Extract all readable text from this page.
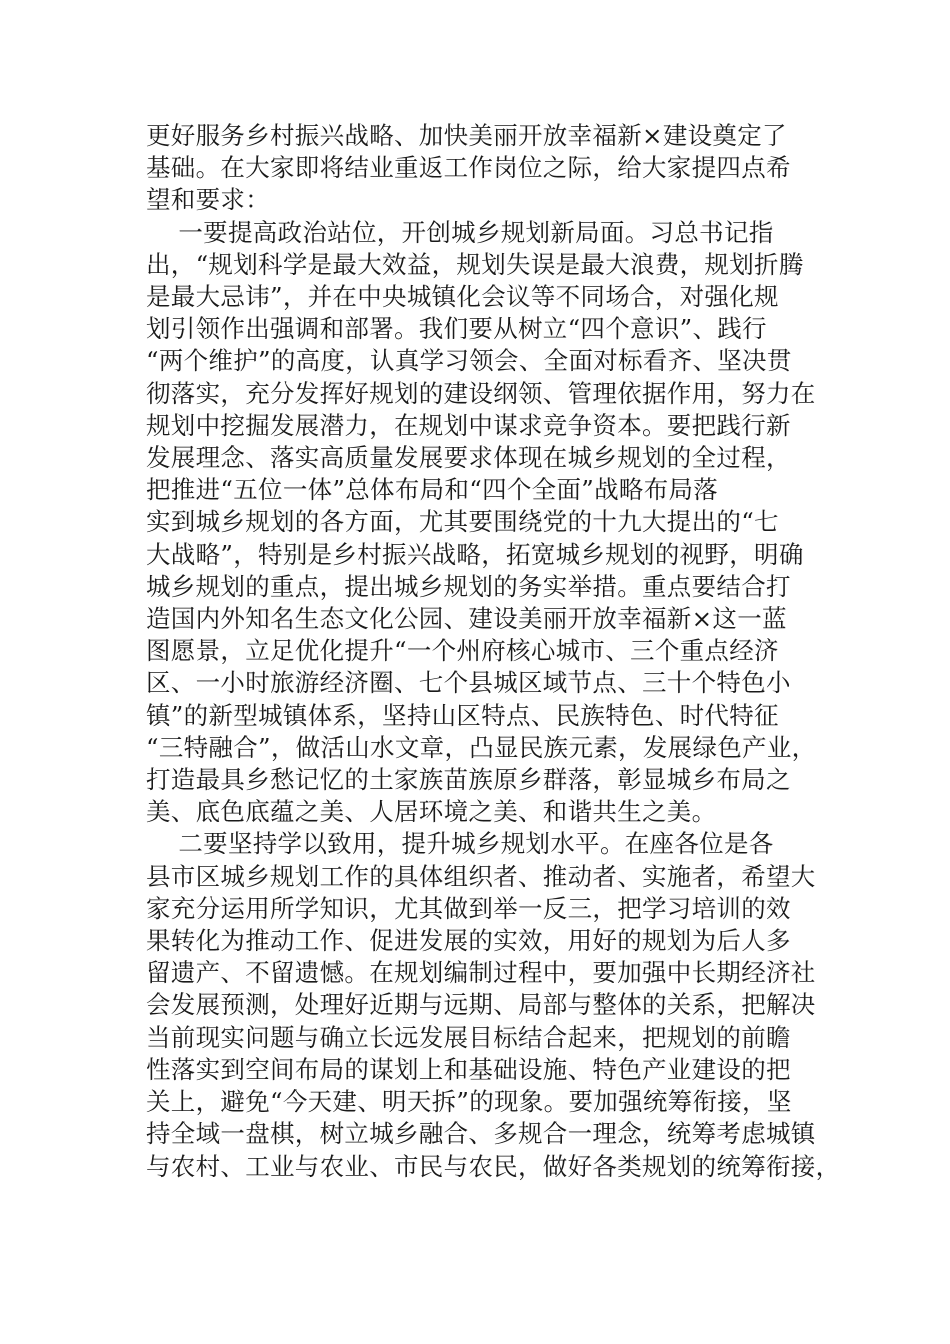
更好服务乡村振兴战略、加快美丽开放幸福新×建设奠定了

基础。在大家即将结业重返工作岗位之际，给大家提四点希

望和要求：

一要提高政治站位，开创城乡规划新局面。习总书记指

出，“规划科学是最大效益，规划失误是最大浪费，规划折腾

是最大忌讳”，并在中央城镇化会议等不同场合，对强化规

划引领作出强调和部署。我们要从树立“四个意识”、践行

“两个维护”的高度，认真学习领会、全面对标看齐、坚决贯

彻落实，充分发挥好规划的建设纲领、管理依据作用，努力在

规划中挖掘发展潜力，在规划中谋求竞争资本。要把践行新

发展理念、落实高质量发展要求体现在城乡规划的全过程，

把推进“五位一体”总体布局和“四个全面”战略布局落

实到城乡规划的各方面，尤其要围绕党的十九大提出的“七

大战略”，特别是乡村振兴战略，拓宽城乡规划的视野，明确

城乡规划的重点，提出城乡规划的务实举措。重点要结合打

造国内外知名生态文化公园、建设美丽开放幸福新×这一蓝

图愿景，立足优化提升“一个州府核心城市、三个重点经济

区、一小时旅游经济圈、七个县城区域节点、三十个特色小

镇”的新型城镇体系，坚持山区特点、民族特色、时代特征

“三特融合”，做活山水文章，凸显民族元素，发展绿色产业，

打造最具乡愁记忆的土家族苗族原乡群落，彰显城乡布局之

美、底色底蕴之美、人居环境之美、和谐共生之美。

二要坚持学以致用，提升城乡规划水平。在座各位是各

县市区城乡规划工作的具体组织者、推动者、实施者，希望大

家充分运用所学知识，尤其做到举一反三，把学习培训的效

果转化为推动工作、促进发展的实效，用好的规划为后人多

留遗产、不留遗憾。在规划编制过程中，要加强中长期经济社

会发展预测，处理好近期与远期、局部与整体的关系，把解决

当前现实问题与确立长远发展目标结合起来，把规划的前瞻

性落实到空间布局的谋划上和基础设施、特色产业建设的把

关上，避免“今天建、明天拆”的现象。要加强统筹衔接，坚

持全域一盘棋，树立城乡融合、多规合一理念，统筹考虑城镇

与农村、工业与农业、市民与农民，做好各类规划的统筹衔接，
